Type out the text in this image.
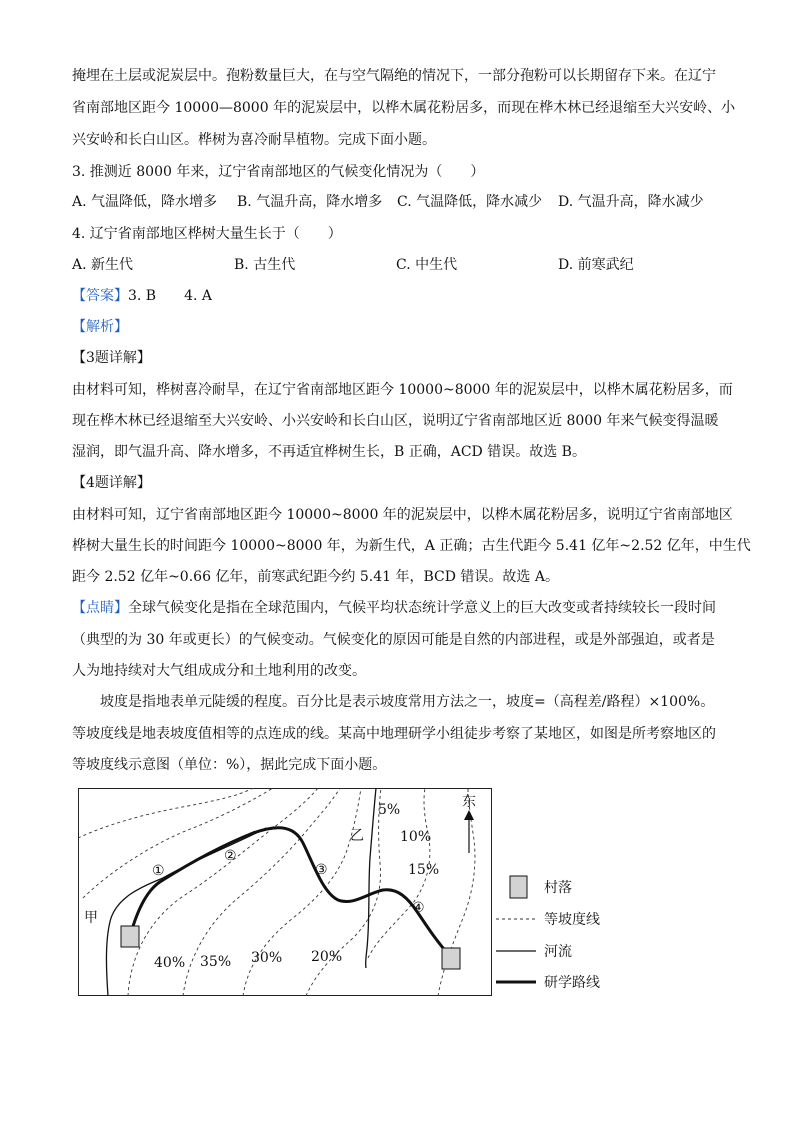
掩埋在土层或泥炭层中。孢粉数量巨大，在与空气隔绝的情况下，一部分孢粉可以长期留存下来。在辽宁
省南部地区距今 10000—8000 年的泥炭层中，以桦木属花粉居多，而现在桦木林已经退缩至大兴安岭、小
兴安岭和长白山区。桦树为喜冷耐旱植物。完成下面小题。
3. 推测近 8000 年来，辽宁省南部地区的气候变化情况为（　　）
A. 气温降低，降水增多 B. 气温升高，降水增多 C. 气温降低，降水减少 D. 气温升高，降水减少
4. 辽宁省南部地区桦树大量生长于（　　）
A. 新生代	B. 古生代	C. 中生代	D. 前寒武纪
【答案】3. B　　4. A
【解析】
【3题详解】
由材料可知，桦树喜冷耐旱，在辽宁省南部地区距今 10000~8000 年的泥炭层中，以桦木属花粉居多，而
现在桦木林已经退缩至大兴安岭、小兴安岭和长白山区，说明辽宁省南部地区近 8000 年来气候变得温暖
湿润，即气温升高、降水增多，不再适宜桦树生长，B 正确，ACD 错误。故选 B。
【4题详解】
由材料可知，辽宁省南部地区距今 10000~8000 年的泥炭层中，以桦木属花粉居多，说明辽宁省南部地区
桦树大量生长的时间距今 10000~8000 年，为新生代，A 正确；古生代距今 5.41 亿年~2.52 亿年，中生代
距今 2.52 亿年~0.66 亿年，前寒武纪距今约 5.41 年，BCD 错误。故选 A。
【点睛】全球气候变化是指在全球范围内，气候平均状态统计学意义上的巨大改变或者持续较长一段时间
（典型的为 30 年或更长）的气候变动。气候变化的原因可能是自然的内部进程，或是外部强迫，或者是
人为地持续对大气组成成分和土地利用的改变。
坡度是指地表单元陡缓的程度。百分比是表示坡度常用方法之一，坡度=（高程差/路程）×100%。
等坡度线是地表坡度值相等的点连成的线。某高中地理研学小组徒步考察了某地区，如图是所考察地区的
等坡度线示意图（单位：%），据此完成下面小题。
东
甲
乙
①
②
③
④
40% 35% 30% 20%
15%
10%
5%
村落
等坡度线
河流
研学路线
